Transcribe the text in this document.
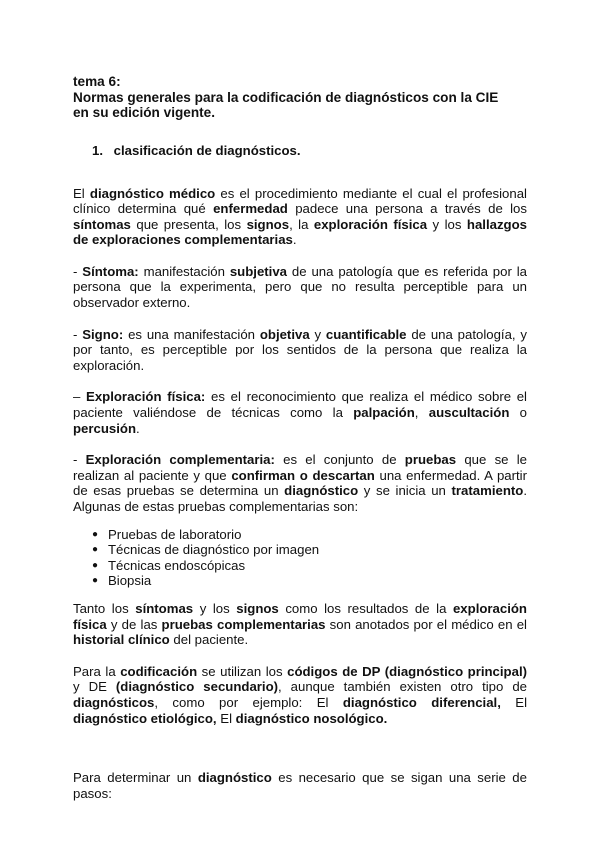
tema 6:
Normas generales para la codificación de diagnósticos con la CIE
en su edición vigente.
1. clasificación de diagnósticos.

El diagnóstico médico es el procedimiento mediante el cual el profesional clínico determina qué enfermedad padece una persona a través de los síntomas que presenta, los signos, la exploración física y los hallazgos de exploraciones complementarias.

- Síntoma: manifestación subjetiva de una patología que es referida por la persona que la experimenta, pero que no resulta perceptible para un observador externo.

- Signo: es una manifestación objetiva y cuantificable de una patología, y por tanto, es perceptible por los sentidos de la persona que realiza la exploración.

– Exploración física: es el reconocimiento que realiza el médico sobre el paciente valiéndose de técnicas como la palpación, auscultación o percusión.

- Exploración complementaria: es el conjunto de pruebas que se le realizan al paciente y que confirman o descartan una enfermedad. A partir de esas pruebas se determina un diagnóstico y se inicia un tratamiento. Algunas de estas pruebas complementarias son:

● Pruebas de laboratorio
● Técnicas de diagnóstico por imagen
● Técnicas endoscópicas
● Biopsia

Tanto los síntomas y los signos como los resultados de la exploración física y de las pruebas complementarias son anotados por el médico en el historial clínico del paciente.

Para la codificación se utilizan los códigos de DP (diagnóstico principal) y DE (diagnóstico secundario), aunque también existen otro tipo de diagnósticos, como por ejemplo: El diagnóstico diferencial, El diagnóstico etiológico, El diagnóstico nosológico.

Para determinar un diagnóstico es necesario que se sigan una serie de pasos:
